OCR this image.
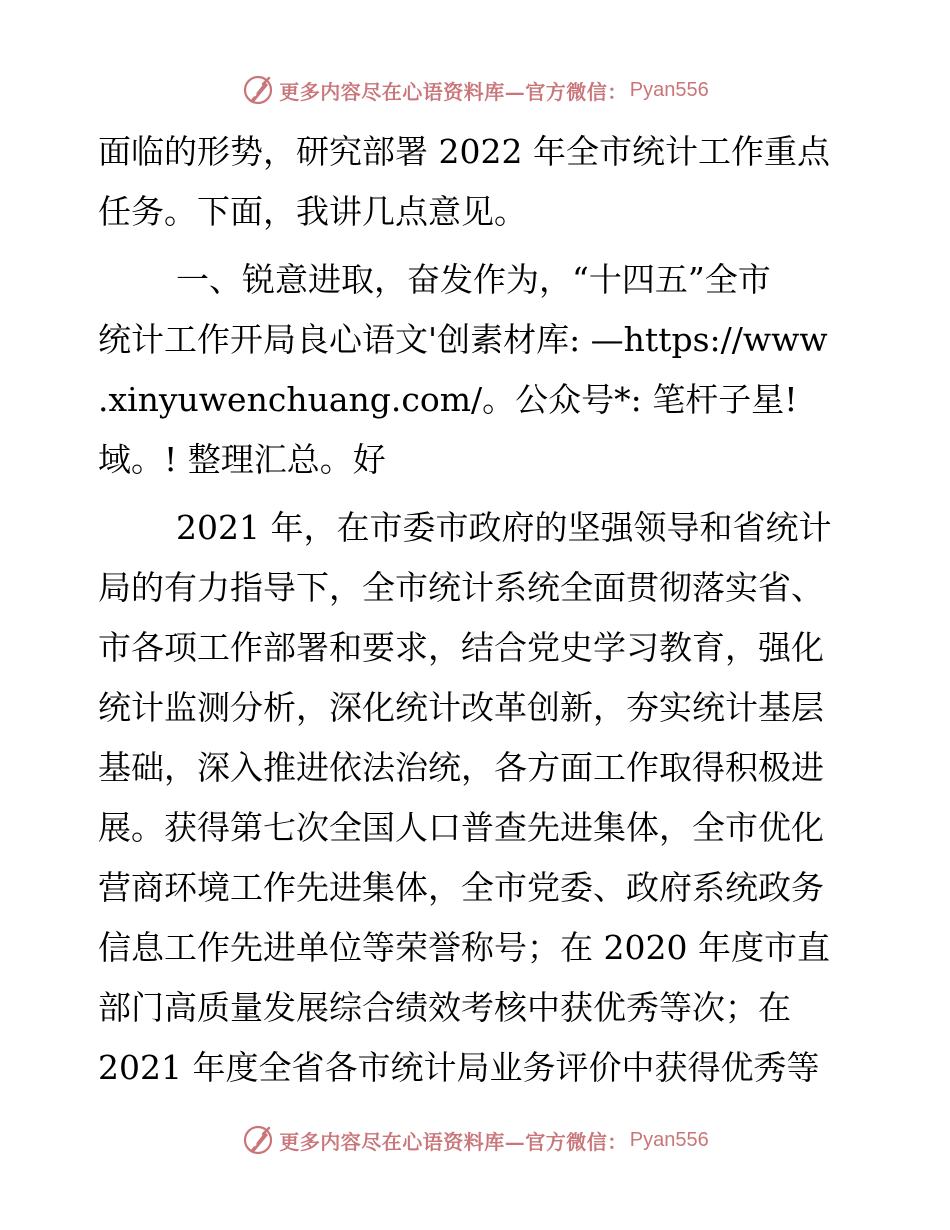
更多内容尽在心语资料库—官方微信： Pyan556
面临的形势，研究部署 2022 年全市统计工作重点
任务。下面，我讲几点意见。
一、锐意进取，奋发作为，“十四五”全市
统计工作开局良心语文'创素材库: —https://www
.xinyuwenchuang.com/。公众号*: 笔杆子星!
域。! 整理汇总。好
2021 年，在市委市政府的坚强领导和省统计
局的有力指导下，全市统计系统全面贯彻落实省、
市各项工作部署和要求，结合党史学习教育，强化
统计监测分析，深化统计改革创新，夯实统计基层
基础，深入推进依法治统，各方面工作取得积极进
展。获得第七次全国人口普查先进集体，全市优化
营商环境工作先进集体，全市党委、政府系统政务
信息工作先进单位等荣誉称号；在 2020 年度市直
部门高质量发展综合绩效考核中获优秀等次；在
2021 年度全省各市统计局业务评价中获得优秀等
更多内容尽在心语资料库—官方微信： Pyan556
